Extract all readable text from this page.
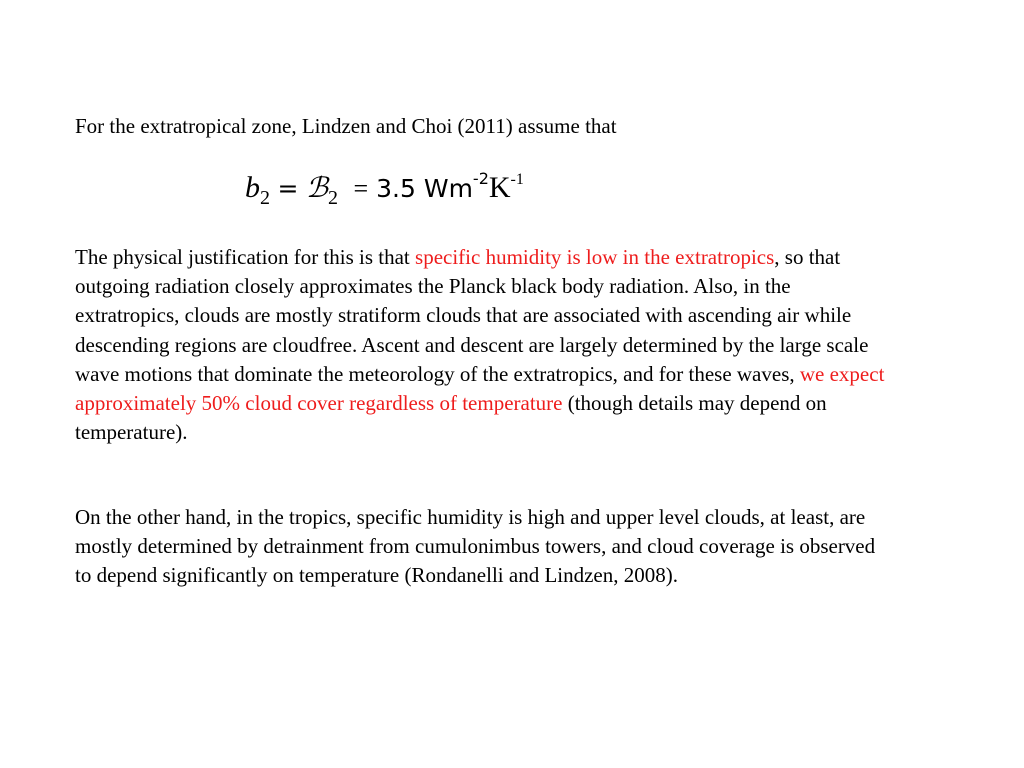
For the extratropical zone, Lindzen and Choi (2011) assume that
$b_2$ = ℬ$_2$ = 3.5 $Wm^{-2}K^{-1}$

The physical justification for this is that specific humidity is low in the extratropics, so that outgoing radiation closely approximates the Planck black body radiation. Also, in the extratropics, clouds are mostly stratiform clouds that are associated with ascending air while descending regions are cloudfree. Ascent and descent are largely determined by the large scale wave motions that dominate the meteorology of the extratropics, and for these waves, we expect approximately 50% cloud cover regardless of temperature (though details may depend on temperature).

On the other hand, in the tropics, specific humidity is high and upper level clouds, at least, are mostly determined by detrainment from cumulonimbus towers, and cloud coverage is observed to depend significantly on temperature (Rondanelli and Lindzen, 2008).
